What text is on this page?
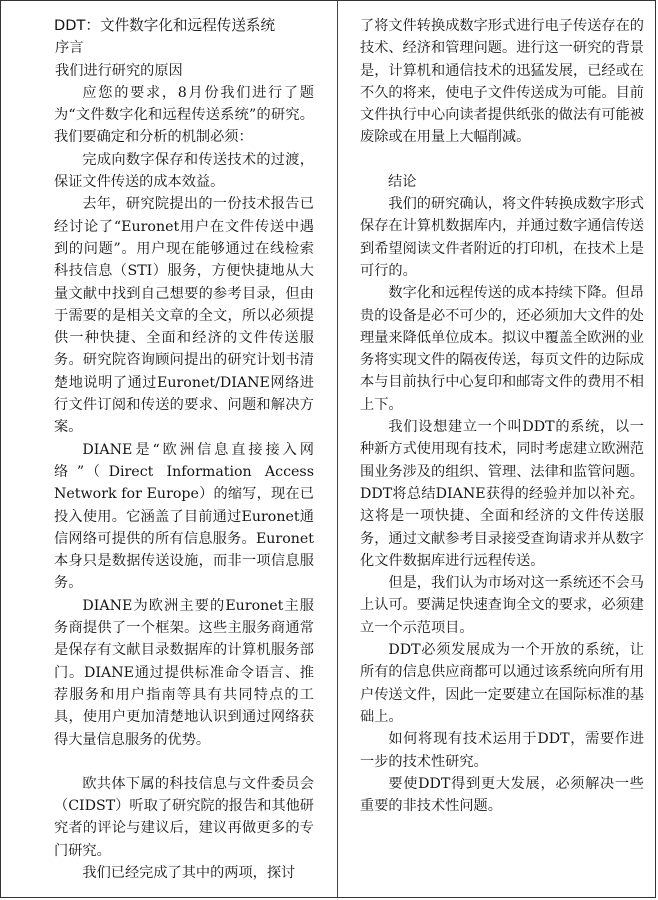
DDT：文件数字化和远程传送系统

序言

我们进行研究的原因

应您的要求，8月份我们进行了题为“文件数字化和远程传送系统”的研究。我们要确定和分析的机制必须：

完成向数字保存和传送技术的过渡，保证文件传送的成本效益。

去年，研究院提出的一份技术报告已经讨论了“Euronet用户在文件传送中遇到的问题”。用户现在能够通过在线检索科技信息（STI）服务，方便快捷地从大量文献中找到自己想要的参考目录，但由于需要的是相关文章的全文，所以必须提供一种快捷、全面和经济的文件传送服务。研究院咨询顾问提出的研究计划书清楚地说明了通过Euronet/DIANE网络进行文件订阅和传送的要求、问题和解决方案。

DIANE是“欧洲信息直接接入网络”（Direct Information Access Network for Europe）的缩写，现在已投入使用。它涵盖了目前通过Euronet通信网络可提供的所有信息服务。Euronet本身只是数据传送设施，而非一项信息服务。

DIANE为欧洲主要的Euronet主服务商提供了一个框架。这些主服务商通常是保存有文献目录数据库的计算机服务部门。DIANE通过提供标准命令语言、推荐服务和用户指南等具有共同特点的工具，使用户更加清楚地认识到通过网络获得大量信息服务的优势。

欧共体下属的科技信息与文件委员会（CIDST）听取了研究院的报告和其他研究者的评论与建议后，建议再做更多的专门研究。

我们已经完成了其中的两项，探讨

了将文件转换成数字形式进行电子传送存在的技术、经济和管理问题。进行这一研究的背景是，计算机和通信技术的迅猛发展，已经或在不久的将来，使电子文件传送成为可能。目前文件执行中心向读者提供纸张的做法有可能被废除或在用量上大幅削减。

结论

我们的研究确认，将文件转换成数字形式保存在计算机数据库内，并通过数字通信传送到希望阅读文件者附近的打印机，在技术上是可行的。

数字化和远程传送的成本持续下降。但昂贵的设备是必不可少的，还必须加大文件的处理量来降低单位成本。拟议中覆盖全欧洲的业务将实现文件的隔夜传送，每页文件的边际成本与目前执行中心复印和邮寄文件的费用不相上下。

我们设想建立一个叫DDT的系统，以一种新方式使用现有技术，同时考虑建立欧洲范围业务涉及的组织、管理、法律和监管问题。DDT将总结DIANE获得的经验并加以补充。这将是一项快捷、全面和经济的文件传送服务，通过文献参考目录接受查询请求并从数字化文件数据库进行远程传送。

但是，我们认为市场对这一系统还不会马上认可。要满足快速查询全文的要求，必须建立一个示范项目。

DDT必须发展成为一个开放的系统，让所有的信息供应商都可以通过该系统向所有用户传送文件，因此一定要建立在国际标准的基础上。

如何将现有技术运用于DDT，需要作进一步的技术性研究。

要使DDT得到更大发展，必须解决一些重要的非技术性问题。
